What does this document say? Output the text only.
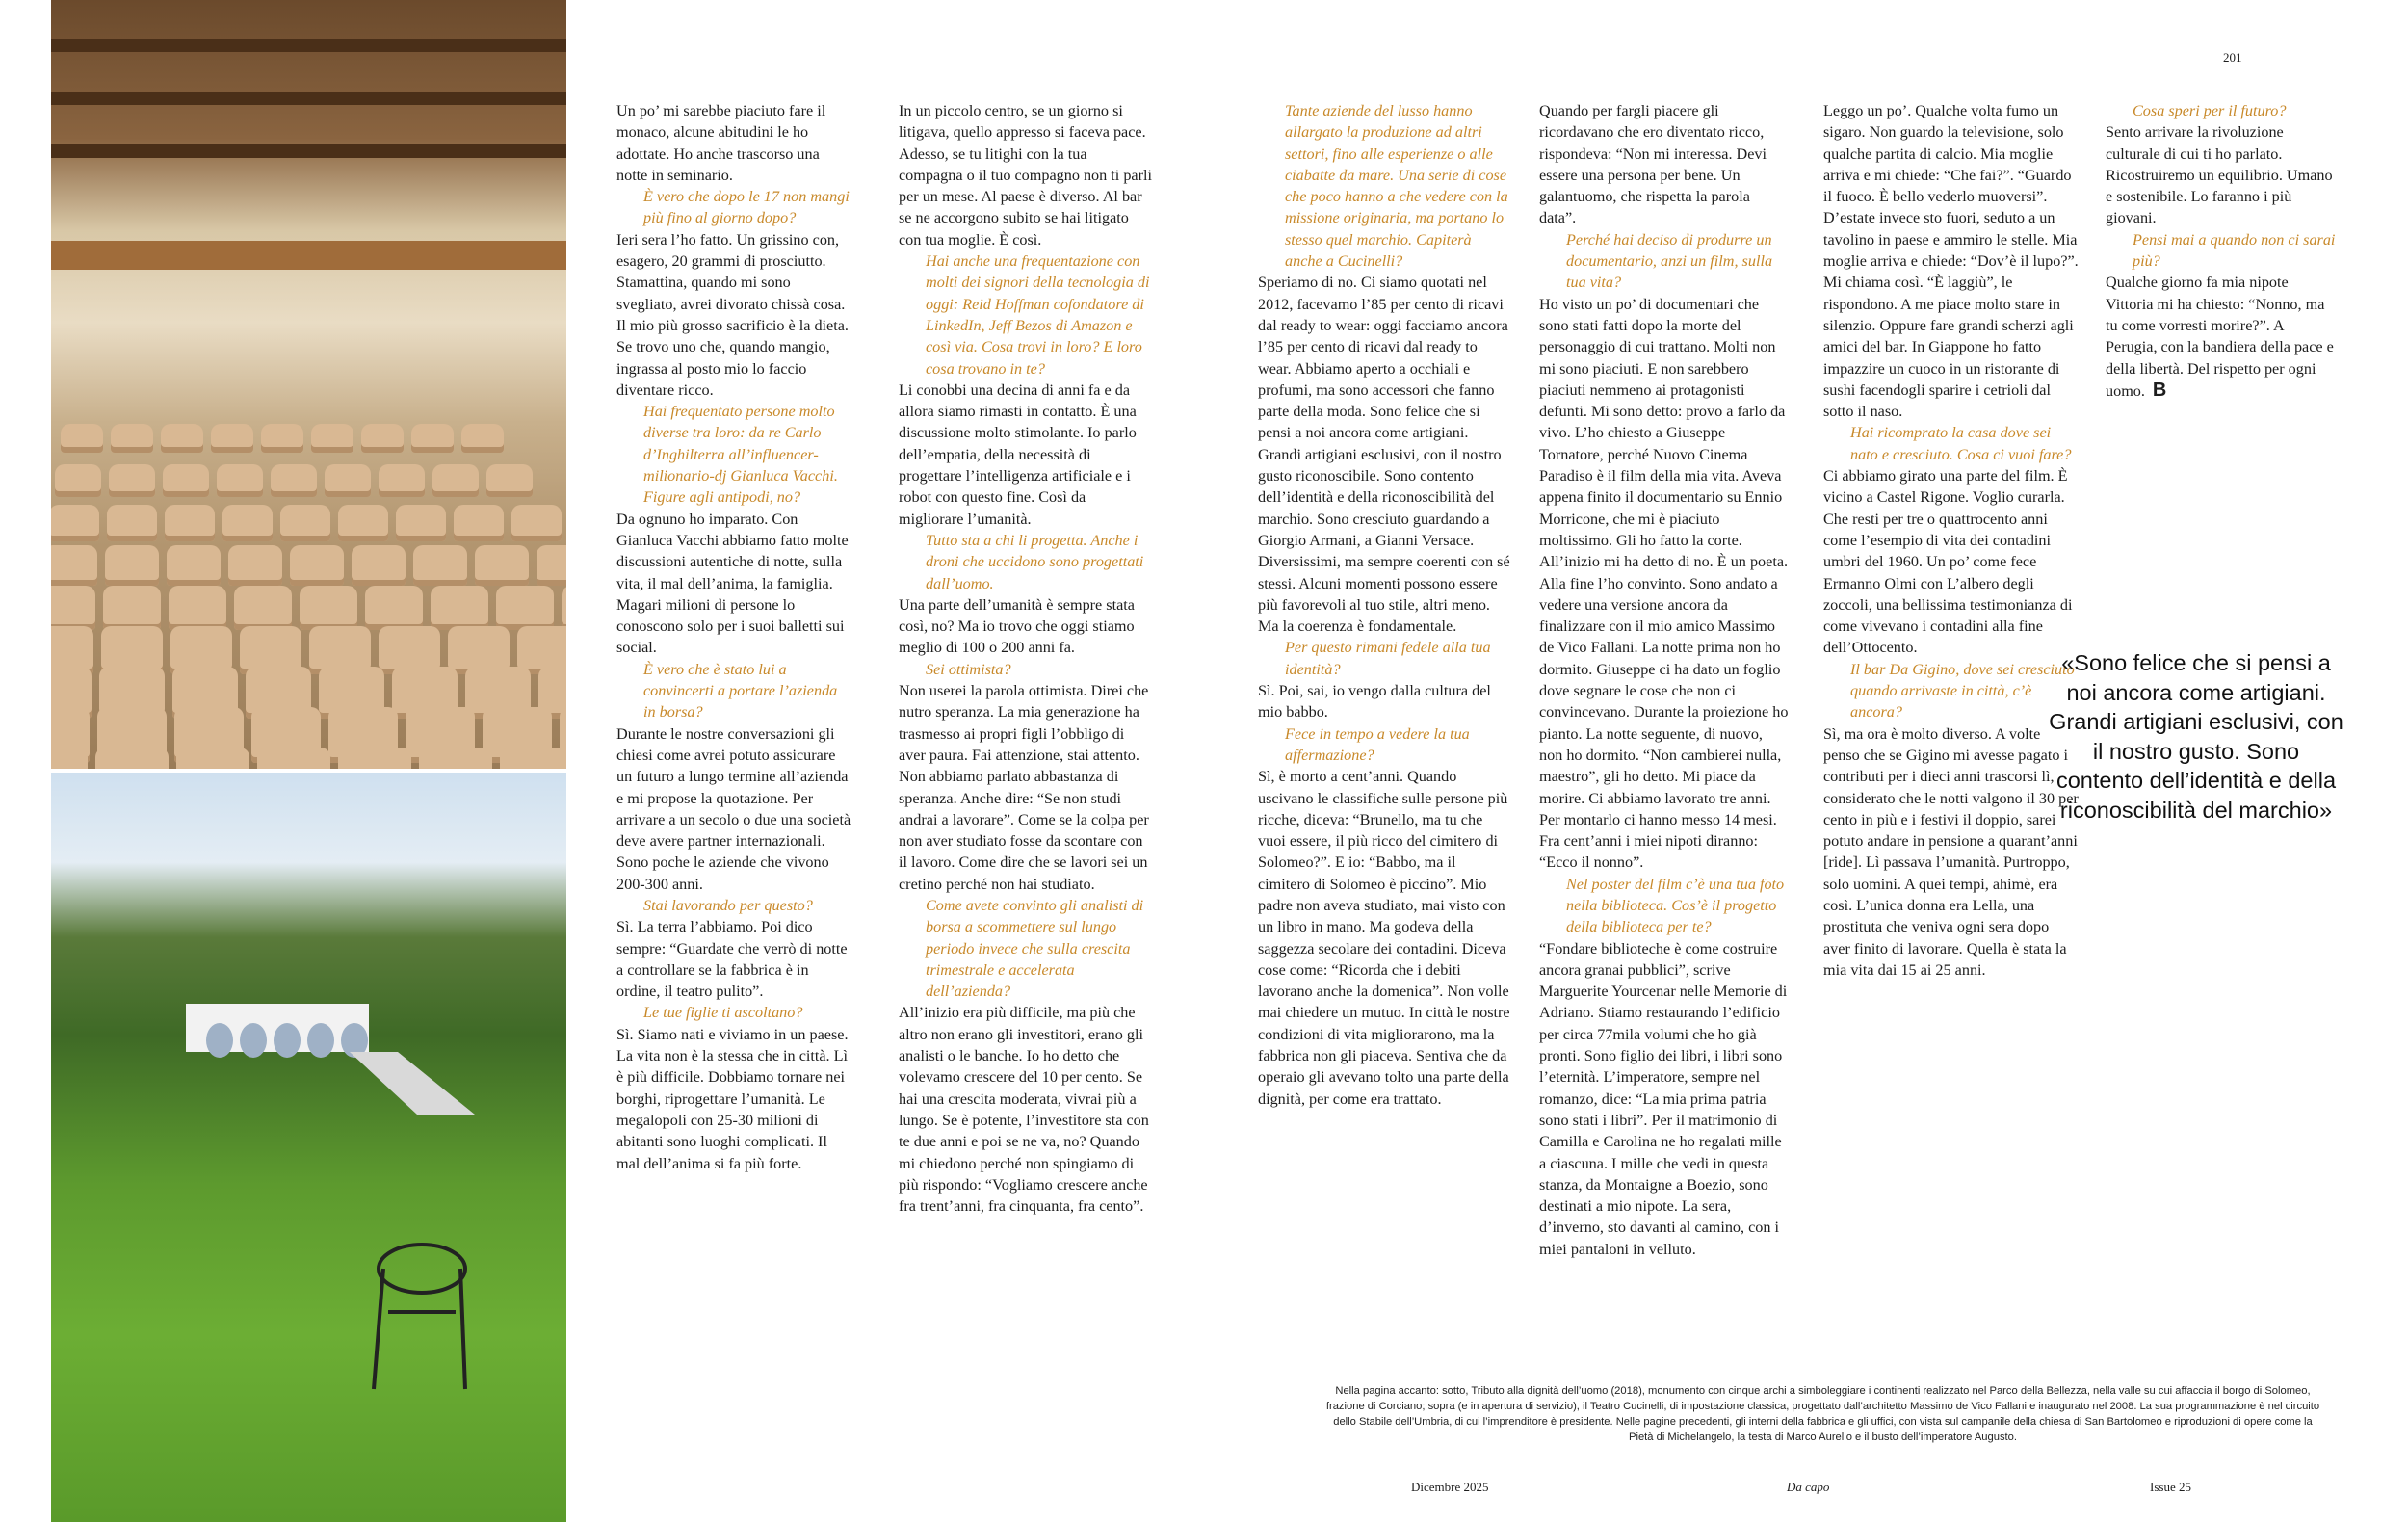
201

Un po’ mi sarebbe piaciuto fare il monaco, alcune abitudini le ho adottate. Ho anche trascorso una notte in seminario.

È vero che dopo le 17 non mangi più fino al giorno dopo?

Ieri sera l’ho fatto. Un grissino con, esagero, 20 grammi di prosciutto. Stamattina, quando mi sono svegliato, avrei divorato chissà cosa. Il mio più grosso sacrificio è la dieta. Se trovo uno che, quando mangio, ingrassa al posto mio lo faccio diventare ricco.

Hai frequentato persone molto diverse tra loro: da re Carlo d’Inghilterra all’influencer-milionario-dj Gianluca Vacchi. Figure agli antipodi, no?

Da ognuno ho imparato. Con Gianluca Vacchi abbiamo fatto molte discussioni autentiche di notte, sulla vita, il mal dell’anima, la famiglia. Magari milioni di persone lo conoscono solo per i suoi balletti sui social.

È vero che è stato lui a convincerti a portare l’azienda in borsa?

Durante le nostre conversazioni gli chiesi come avrei potuto assicurare un futuro a lungo termine all’azienda e mi propose la quotazione. Per arrivare a un secolo o due una società deve avere partner internazionali. Sono poche le aziende che vivono 200-300 anni.

Stai lavorando per questo?

Sì. La terra l’abbiamo. Poi dico sempre: “Guardate che verrò di notte a controllare se la fabbrica è in ordine, il teatro pulito”.

Le tue figlie ti ascoltano?

Sì. Siamo nati e viviamo in un paese. La vita non è la stessa che in città. Lì è più difficile. Dobbiamo tornare nei borghi, riprogettare l’umanità. Le megalopoli con 25-30 milioni di abitanti sono luoghi complicati. Il mal dell’anima si fa più forte.

In un piccolo centro, se un giorno si litigava, quello appresso si faceva pace. Adesso, se tu litighi con la tua compagna o il tuo compagno non ti parli per un mese. Al paese è diverso. Al bar se ne accorgono subito se hai litigato con tua moglie. È così.

Hai anche una frequentazione con molti dei signori della tecnologia di oggi: Reid Hoffman cofondatore di LinkedIn, Jeff Bezos di Amazon e così via. Cosa trovi in loro? E loro cosa trovano in te?

Li conobbi una decina di anni fa e da allora siamo rimasti in contatto. È una discussione molto stimolante. Io parlo dell’empatia, della necessità di progettare l’intelligenza artificiale e i robot con questo fine. Così da migliorare l’umanità.

Tutto sta a chi li progetta. Anche i droni che uccidono sono progettati dall’uomo.

Una parte dell’umanità è sempre stata così, no? Ma io trovo che oggi stiamo meglio di 100 o 200 anni fa.

Sei ottimista?

Non userei la parola ottimista. Direi che nutro speranza. La mia generazione ha trasmesso ai propri figli l’obbligo di aver paura. Fai attenzione, stai attento. Non abbiamo parlato abbastanza di speranza. Anche dire: “Se non studi andrai a lavorare”. Come se la colpa per non aver studiato fosse da scontare con il lavoro. Come dire che se lavori sei un cretino perché non hai studiato.

Come avete convinto gli analisti di borsa a scommettere sul lungo periodo invece che sulla crescita trimestrale e accelerata dell’azienda?

All’inizio era più difficile, ma più che altro non erano gli investitori, erano gli analisti o le banche. Io ho detto che volevamo crescere del 10 per cento. Se hai una crescita moderata, vivrai più a lungo. Se è potente, l’investitore sta con te due anni e poi se ne va, no? Quando mi chiedono perché non spingiamo di più rispondo: “Vogliamo crescere anche fra trent’anni, fra cinquanta, fra cento”.

Tante aziende del lusso hanno allargato la produzione ad altri settori, fino alle esperienze o alle ciabatte da mare. Una serie di cose che poco hanno a che vedere con la missione originaria, ma portano lo stesso quel marchio. Capiterà anche a Cucinelli?

Speriamo di no. Ci siamo quotati nel 2012, facevamo l’85 per cento di ricavi dal ready to wear: oggi facciamo ancora l’85 per cento di ricavi dal ready to wear. Abbiamo aperto a occhiali e profumi, ma sono accessori che fanno parte della moda. Sono felice che si pensi a noi ancora come artigiani. Grandi artigiani esclusivi, con il nostro gusto riconoscibile. Sono contento dell’identità e della riconoscibilità del marchio. Sono cresciuto guardando a Giorgio Armani, a Gianni Versace. Diversissimi, ma sempre coerenti con sé stessi. Alcuni momenti possono essere più favorevoli al tuo stile, altri meno. Ma la coerenza è fondamentale.

Per questo rimani fedele alla tua identità?

Sì. Poi, sai, io vengo dalla cultura del mio babbo.

Fece in tempo a vedere la tua affermazione?

Sì, è morto a cent’anni. Quando uscivano le classifiche sulle persone più ricche, diceva: “Brunello, ma tu che vuoi essere, il più ricco del cimitero di Solomeo?”. E io: “Babbo, ma il cimitero di Solomeo è piccino”. Mio padre non aveva studiato, mai visto con un libro in mano. Ma godeva della saggezza secolare dei contadini. Diceva cose come: “Ricorda che i debiti lavorano anche la domenica”. Non volle mai chiedere un mutuo. In città le nostre condizioni di vita migliorarono, ma la fabbrica non gli piaceva. Sentiva che da operaio gli avevano tolto una parte della dignità, per come era trattato.

Quando per fargli piacere gli ricordavano che ero diventato ricco, rispondeva: “Non mi interessa. Devi essere una persona per bene. Un galantuomo, che rispetta la parola data”.

Perché hai deciso di produrre un documentario, anzi un film, sulla tua vita?

Ho visto un po’ di documentari che sono stati fatti dopo la morte del personaggio di cui trattano. Molti non mi sono piaciuti. E non sarebbero piaciuti nemmeno ai protagonisti defunti. Mi sono detto: provo a farlo da vivo. L’ho chiesto a Giuseppe Tornatore, perché Nuovo Cinema Paradiso è il film della mia vita. Aveva appena finito il documentario su Ennio Morricone, che mi è piaciuto moltissimo. Gli ho fatto la corte. All’inizio mi ha detto di no. È un poeta. Alla fine l’ho convinto. Sono andato a vedere una versione ancora da finalizzare con il mio amico Massimo de Vico Fallani. La notte prima non ho dormito. Giuseppe ci ha dato un foglio dove segnare le cose che non ci convincevano. Durante la proiezione ho pianto. La notte seguente, di nuovo, non ho dormito. “Non cambierei nulla, maestro”, gli ho detto. Mi piace da morire. Ci abbiamo lavorato tre anni. Per montarlo ci hanno messo 14 mesi. Fra cent’anni i miei nipoti diranno: “Ecco il nonno”.

Nel poster del film c’è una tua foto nella biblioteca. Cos’è il progetto della biblioteca per te?

“Fondare biblioteche è come costruire ancora granai pubblici”, scrive Marguerite Yourcenar nelle Memorie di Adriano. Stiamo restaurando l’edificio per circa 77mila volumi che ho già pronti. Sono figlio dei libri, i libri sono l’eternità. L’imperatore, sempre nel romanzo, dice: “La mia prima patria sono stati i libri”. Per il matrimonio di Camilla e Carolina ne ho regalati mille a ciascuna. I mille che vedi in questa stanza, da Montaigne a Boezio, sono destinati a mio nipote. La sera, d’inverno, sto davanti al camino, con i miei pantaloni in velluto.

Leggo un po’. Qualche volta fumo un sigaro. Non guardo la televisione, solo qualche partita di calcio. Mia moglie arriva e mi chiede: “Che fai?”. “Guardo il fuoco. È bello vederlo muoversi”. D’estate invece sto fuori, seduto a un tavolino in paese e ammiro le stelle. Mia moglie arriva e chiede: “Dov’è il lupo?”. Mi chiama così. “È laggiù”, le rispondono. A me piace molto stare in silenzio. Oppure fare grandi scherzi agli amici del bar. In Giappone ho fatto impazzire un cuoco in un ristorante di sushi facendogli sparire i cetrioli dal sotto il naso.

Hai ricomprato la casa dove sei nato e cresciuto. Cosa ci vuoi fare?

Ci abbiamo girato una parte del film. È vicino a Castel Rigone. Voglio curarla. Che resti per tre o quattrocento anni come l’esempio di vita dei contadini umbri del 1960. Un po’ come fece Ermanno Olmi con L’albero degli zoccoli, una bellissima testimonianza di come vivevano i contadini alla fine dell’Ottocento.

Il bar Da Gigino, dove sei cresciuto quando arrivaste in città, c’è ancora?

Sì, ma ora è molto diverso. A volte penso che se Gigino mi avesse pagato i contributi per i dieci anni trascorsi lì, considerato che le notti valgono il 30 per cento in più e i festivi il doppio, sarei potuto andare in pensione a quarant’anni [ride]. Lì passava l’umanità. Purtroppo, solo uomini. A quei tempi, ahimè, era così. L’unica donna era Lella, una prostituta che veniva ogni sera dopo aver finito di lavorare. Quella è stata la mia vita dai 15 ai 25 anni.

Cosa speri per il futuro?

Sento arrivare la rivoluzione culturale di cui ti ho parlato. Ricostruiremo un equilibrio. Umano e sostenibile. Lo faranno i più giovani.

Pensi mai a quando non ci sarai più?

Qualche giorno fa mia nipote Vittoria mi ha chiesto: “Nonno, ma tu come vorresti morire?”. A Perugia, con la bandiera della pace e della libertà. Del rispetto per ogni uomo. B

«Sono felice che si pensi a noi ancora come artigiani. Grandi artigiani esclusivi, con il nostro gusto. Sono contento dell’identità e della riconoscibilità del marchio»
Nella pagina accanto: sotto, Tributo alla dignità dell’uomo (2018), monumento con cinque archi a simboleggiare i continenti realizzato nel Parco della Bellezza, nella valle su cui affaccia il borgo di Solomeo, frazione di Corciano; sopra (e in apertura di servizio), il Teatro Cucinelli, di impostazione classica, progettato dall’architetto Massimo de Vico Fallani e inaugurato nel 2008. La sua programmazione è nel circuito dello Stabile dell’Umbria, di cui l’imprenditore è presidente. Nelle pagine precedenti, gli interni della fabbrica e gli uffici, con vista sul campanile della chiesa di San Bartolomeo e riproduzioni di opere come la Pietà di Michelangelo, la testa di Marco Aurelio e il busto dell’imperatore Augusto.
Dicembre 2025	Da capo	Issue 25
